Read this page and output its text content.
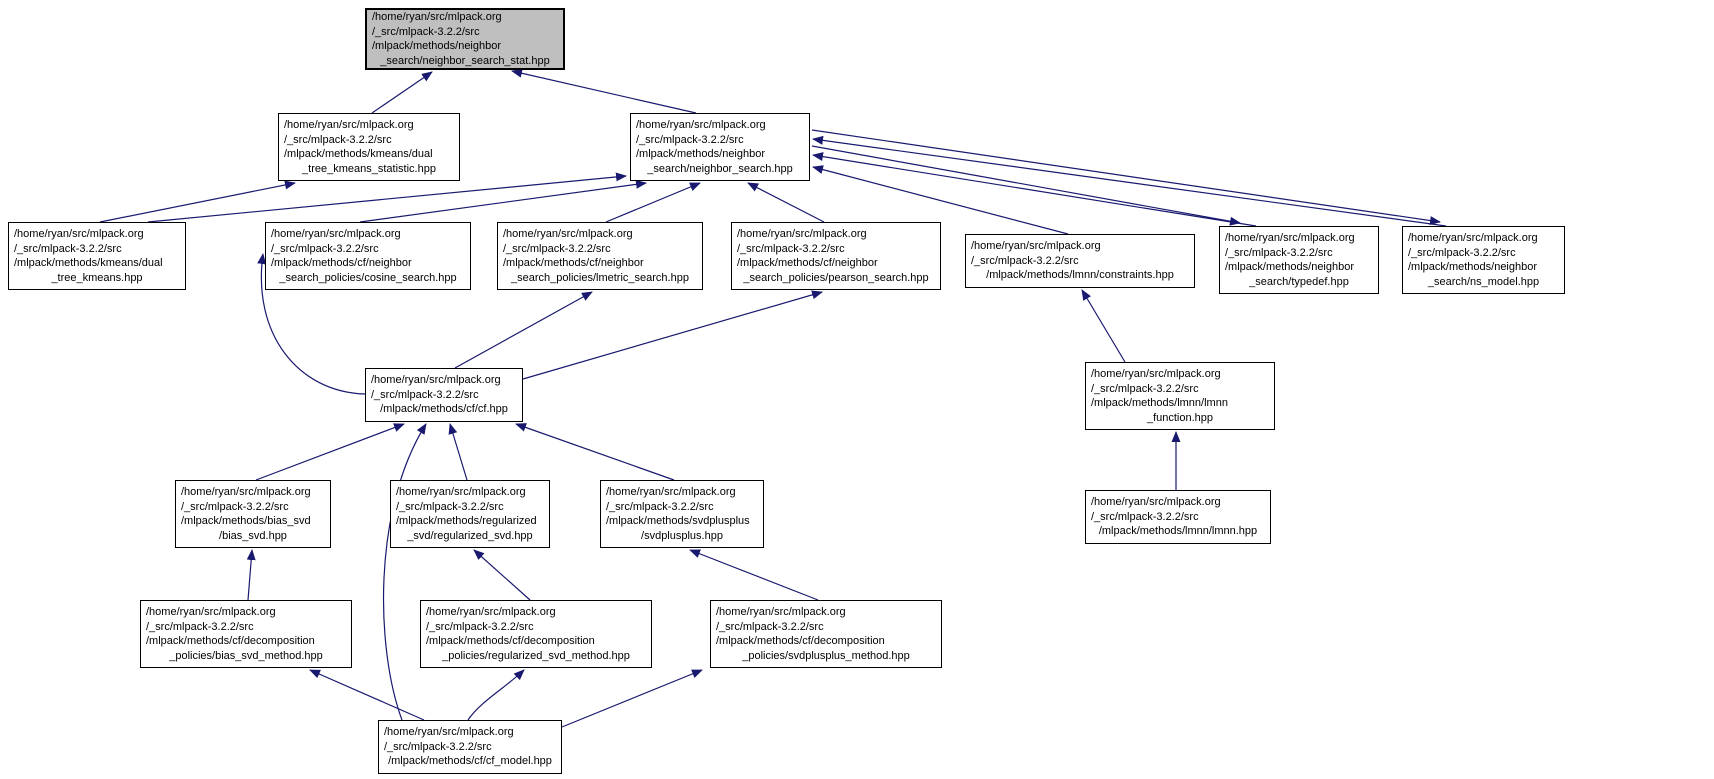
/home/ryan/src/mlpack.org
/_src/mlpack-3.2.2/src
/mlpack/methods/neighbor
_search/neighbor_search_stat.hpp
/home/ryan/src/mlpack.org
/_src/mlpack-3.2.2/src
/mlpack/methods/kmeans/dual
_tree_kmeans_statistic.hpp
/home/ryan/src/mlpack.org
/_src/mlpack-3.2.2/src
/mlpack/methods/neighbor
_search/neighbor_search.hpp
/home/ryan/src/mlpack.org
/_src/mlpack-3.2.2/src
/mlpack/methods/kmeans/dual
_tree_kmeans.hpp
/home/ryan/src/mlpack.org
/_src/mlpack-3.2.2/src
/mlpack/methods/cf/neighbor
_search_policies/cosine_search.hpp
/home/ryan/src/mlpack.org
/_src/mlpack-3.2.2/src
/mlpack/methods/cf/neighbor
_search_policies/lmetric_search.hpp
/home/ryan/src/mlpack.org
/_src/mlpack-3.2.2/src
/mlpack/methods/cf/neighbor
_search_policies/pearson_search.hpp
/home/ryan/src/mlpack.org
/_src/mlpack-3.2.2/src
/mlpack/methods/lmnn/constraints.hpp
/home/ryan/src/mlpack.org
/_src/mlpack-3.2.2/src
/mlpack/methods/neighbor
_search/typedef.hpp
/home/ryan/src/mlpack.org
/_src/mlpack-3.2.2/src
/mlpack/methods/neighbor
_search/ns_model.hpp
/home/ryan/src/mlpack.org
/_src/mlpack-3.2.2/src
/mlpack/methods/cf/cf.hpp
/home/ryan/src/mlpack.org
/_src/mlpack-3.2.2/src
/mlpack/methods/lmnn/lmnn
_function.hpp
/home/ryan/src/mlpack.org
/_src/mlpack-3.2.2/src
/mlpack/methods/lmnn/lmnn.hpp
/home/ryan/src/mlpack.org
/_src/mlpack-3.2.2/src
/mlpack/methods/bias_svd
/bias_svd.hpp
/home/ryan/src/mlpack.org
/_src/mlpack-3.2.2/src
/mlpack/methods/regularized
_svd/regularized_svd.hpp
/home/ryan/src/mlpack.org
/_src/mlpack-3.2.2/src
/mlpack/methods/svdplusplus
/svdplusplus.hpp
/home/ryan/src/mlpack.org
/_src/mlpack-3.2.2/src
/mlpack/methods/cf/decomposition
_policies/bias_svd_method.hpp
/home/ryan/src/mlpack.org
/_src/mlpack-3.2.2/src
/mlpack/methods/cf/decomposition
_policies/regularized_svd_method.hpp
/home/ryan/src/mlpack.org
/_src/mlpack-3.2.2/src
/mlpack/methods/cf/decomposition
_policies/svdplusplus_method.hpp
/home/ryan/src/mlpack.org
/_src/mlpack-3.2.2/src
/mlpack/methods/cf/cf_model.hpp
